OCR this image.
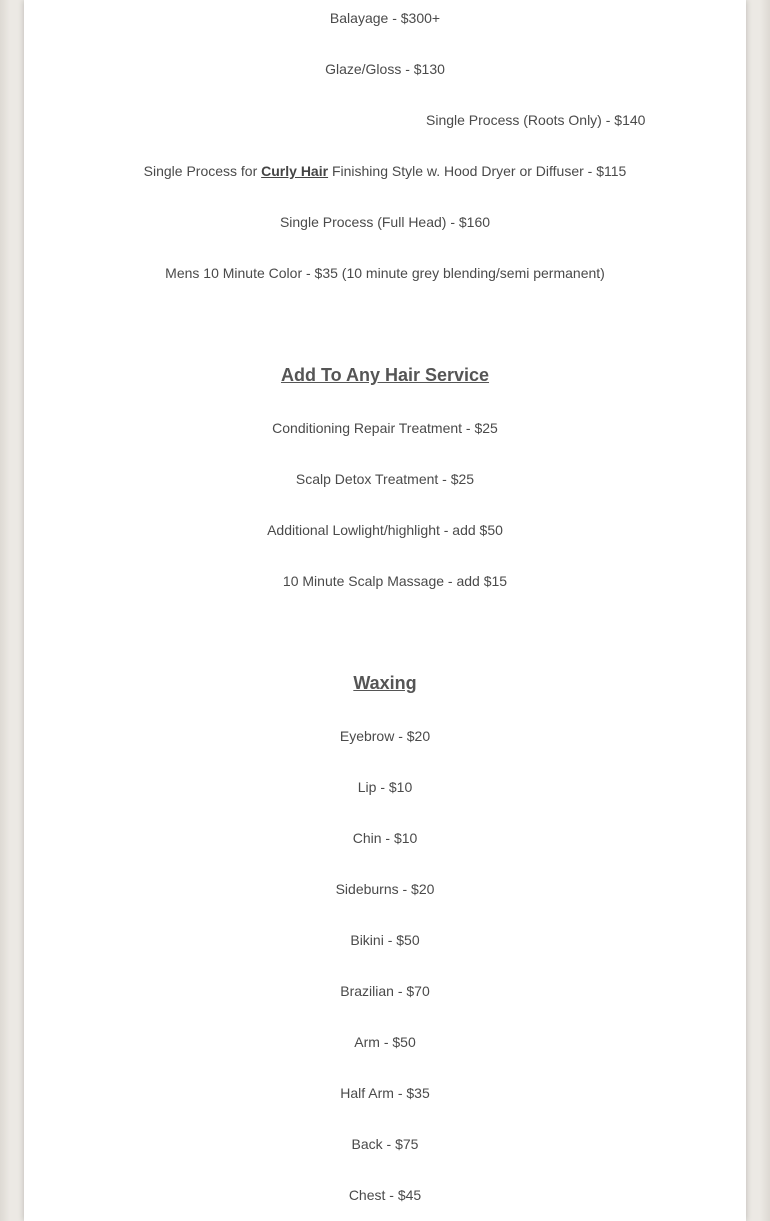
Balayage - $300+
Glaze/Gloss - $130
Single Process (Roots Only) - $140
Single Process for Curly Hair Finishing Style w. Hood Dryer or Diffuser - $115
Single Process (Full Head) - $160
Mens 10 Minute Color - $35 (10 minute grey blending/semi permanent)
Add To Any Hair Service
Conditioning Repair Treatment - $25
Scalp Detox Treatment - $25
Additional Lowlight/highlight - add $50
10 Minute Scalp Massage - add $15
Waxing
Eyebrow - $20
Lip - $10
Chin - $10
Sideburns - $20
Bikini - $50
Brazilian - $70
Arm - $50
Half Arm - $35
Back - $75
Chest - $45
